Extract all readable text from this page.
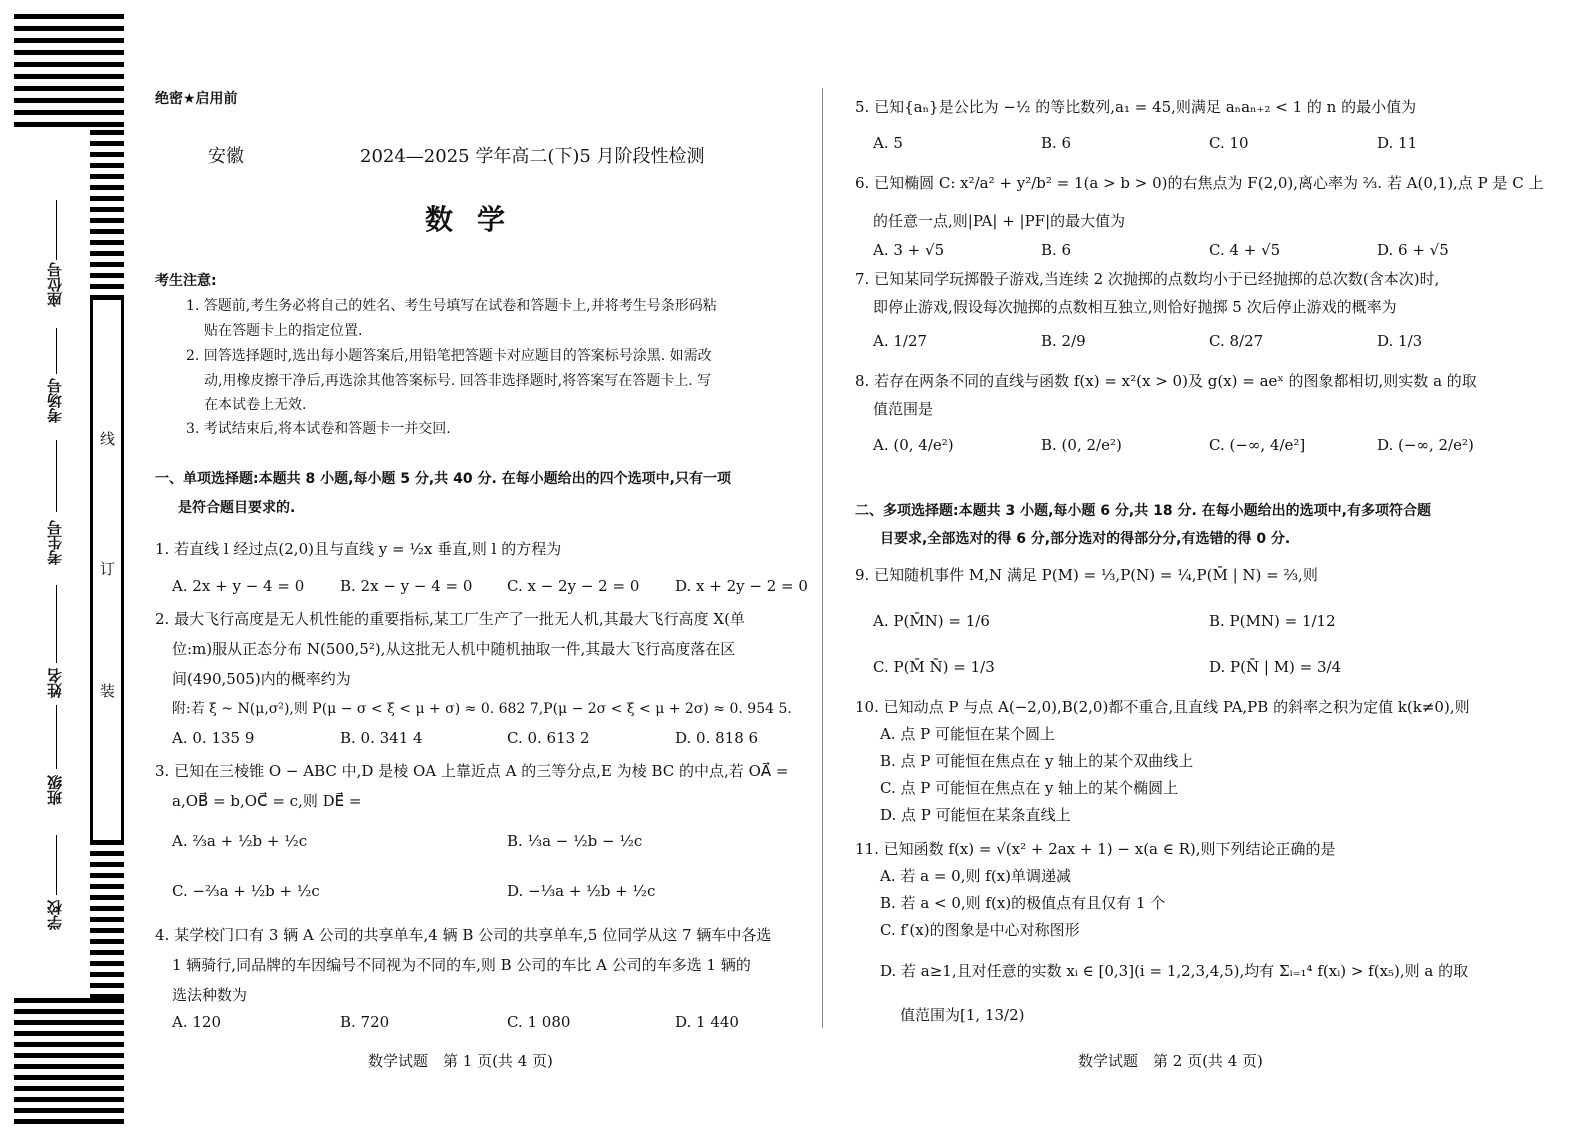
座位号
考场号
考生号
姓名
班级
学校
线
订
装
绝密★启用前
安徽	2024—2025 学年高二(下)5 月阶段性检测
数学
考生注意:
1. 答题前,考生务必将自己的姓名、考生号填写在试卷和答题卡上,并将考生号条形码粘
贴在答题卡上的指定位置.
2. 回答选择题时,选出每小题答案后,用铅笔把答题卡对应题目的答案标号涂黑. 如需改
动,用橡皮擦干净后,再选涂其他答案标号. 回答非选择题时,将答案写在答题卡上. 写
在本试卷上无效.
3. 考试结束后,将本试卷和答题卡一并交回.
一、单项选择题:本题共 8 小题,每小题 5 分,共 40 分. 在每小题给出的四个选项中,只有一项
是符合题目要求的.
1. 若直线 l 经过点(2,0)且与直线 y = ½x 垂直,则 l 的方程为
A. 2x + y − 4 = 0 B. 2x − y − 4 = 0 C. x − 2y − 2 = 0 D. x + 2y − 2 = 0
2. 最大飞行高度是无人机性能的重要指标,某工厂生产了一批无人机,其最大飞行高度 X(单
位:m)服从正态分布 N(500,5²),从这批无人机中随机抽取一件,其最大飞行高度落在区
间(490,505)内的概率约为
附:若 ξ ~ N(μ,σ²),则 P(μ − σ < ξ < μ + σ) ≈ 0. 682 7,P(μ − 2σ < ξ < μ + 2σ) ≈ 0. 954 5.
A. 0. 135 9	B. 0. 341 4	C. 0. 613 2	D. 0. 818 6
3. 已知在三棱锥 O − ABC 中,D 是棱 OA 上靠近点 A 的三等分点,E 为棱 BC 的中点,若 OA⃗ =
a,OB⃗ = b,OC⃗ = c,则 DE⃗ =
A. ⅔a + ½b + ½c	B. ⅓a − ½b − ½c
C. −⅔a + ½b + ½c	D. −⅓a + ½b + ½c
4. 某学校门口有 3 辆 A 公司的共享单车,4 辆 B 公司的共享单车,5 位同学从这 7 辆车中各选
1 辆骑行,同品牌的车因编号不同视为不同的车,则 B 公司的车比 A 公司的车多选 1 辆的
选法种数为
A. 120	B. 720	C. 1 080	D. 1 440
5. 已知{aₙ}是公比为 −½ 的等比数列,a₁ = 45,则满足 aₙaₙ₊₂ < 1 的 n 的最小值为
A. 5	B. 6	C. 10	D. 11
6. 已知椭圆 C: x²/a² + y²/b² = 1(a > b > 0)的右焦点为 F(2,0),离心率为 ⅔. 若 A(0,1),点 P 是 C 上
的任意一点,则|PA| + |PF|的最大值为
A. 3 + √5	B. 6	C. 4 + √5	D. 6 + √5
7. 已知某同学玩掷骰子游戏,当连续 2 次抛掷的点数均小于已经抛掷的总次数(含本次)时,
即停止游戏,假设每次抛掷的点数相互独立,则恰好抛掷 5 次后停止游戏的概率为
A. 1/27	B. 2/9	C. 8/27	D. 1/3
8. 若存在两条不同的直线与函数 f(x) = x²(x > 0)及 g(x) = aeˣ 的图象都相切,则实数 a 的取
值范围是
A. (0, 4/e²)	B. (0, 2/e²)	C. (−∞, 4/e²]	D. (−∞, 2/e²)
二、多项选择题:本题共 3 小题,每小题 6 分,共 18 分. 在每小题给出的选项中,有多项符合题
目要求,全部选对的得 6 分,部分选对的得部分分,有选错的得 0 分.
9. 已知随机事件 M,N 满足 P(M) = ⅓,P(N) = ¼,P(M̄ | N) = ⅔,则
A. P(M̄N) = 1/6	B. P(MN) = 1/12
C. P(M̄ N̄) = 1/3	D. P(N̄ | M) = 3/4
10. 已知动点 P 与点 A(−2,0),B(2,0)都不重合,且直线 PA,PB 的斜率之积为定值 k(k≠0),则
A. 点 P 可能恒在某个圆上
B. 点 P 可能恒在焦点在 y 轴上的某个双曲线上
C. 点 P 可能恒在焦点在 y 轴上的某个椭圆上
D. 点 P 可能恒在某条直线上
11. 已知函数 f(x) = √(x² + 2ax + 1) − x(a ∈ R),则下列结论正确的是
A. 若 a = 0,则 f(x)单调递减
B. 若 a < 0,则 f(x)的极值点有且仅有 1 个
C. f′(x)的图象是中心对称图形
D. 若 a≥1,且对任意的实数 xᵢ ∈ [0,3](i = 1,2,3,4,5),均有 Σᵢ₌₁⁴ f(xᵢ) > f(x₅),则 a 的取
值范围为[1, 13/2)
数学试题　第 1 页(共 4 页)	数学试题　第 2 页(共 4 页)
